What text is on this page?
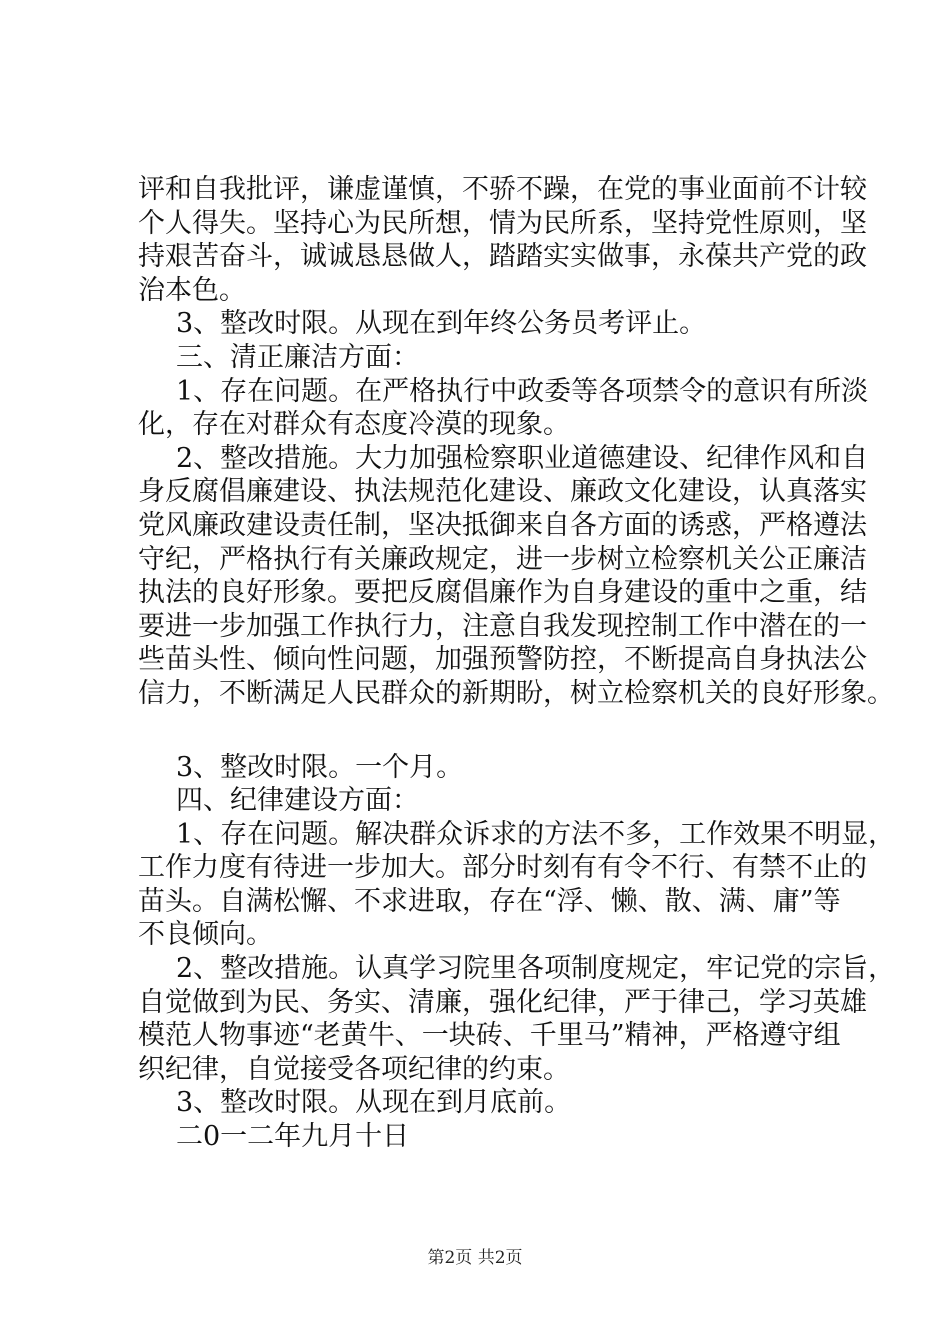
评和自我批评，谦虚谨慎，不骄不躁，在党的事业面前不计较
个人得失。坚持心为民所想，情为民所系，坚持党性原则，坚
持艰苦奋斗，诚诚恳恳做人，踏踏实实做事，永葆共产党的政
治本色。
3、整改时限。从现在到年终公务员考评止。
三、清正廉洁方面：
1、存在问题。在严格执行中政委等各项禁令的意识有所淡
化，存在对群众有态度冷漠的现象。
2、整改措施。大力加强检察职业道德建设、纪律作风和自
身反腐倡廉建设、执法规范化建设、廉政文化建设，认真落实
党风廉政建设责任制，坚决抵御来自各方面的诱惑，严格遵法
守纪，严格执行有关廉政规定，进一步树立检察机关公正廉洁
执法的良好形象。要把反腐倡廉作为自身建设的重中之重，结
要进一步加强工作执行力，注意自我发现控制工作中潜在的一
些苗头性、倾向性问题，加强预警防控，不断提高自身执法公
信力，不断满足人民群众的新期盼，树立检察机关的良好形象。
3、整改时限。一个月。
四、纪律建设方面：
1、存在问题。解决群众诉求的方法不多，工作效果不明显，
工作力度有待进一步加大。部分时刻有有令不行、有禁不止的
苗头。自满松懈、不求进取，存在“浮、懒、散、满、庸”等
不良倾向。
2、整改措施。认真学习院里各项制度规定，牢记党的宗旨，
自觉做到为民、务实、清廉，强化纪律，严于律己，学习英雄
模范人物事迹“老黄牛、一块砖、千里马”精神，严格遵守组
织纪律，自觉接受各项纪律的约束。
3、整改时限。从现在到月底前。
二0一二年九月十日
第2页 共2页
